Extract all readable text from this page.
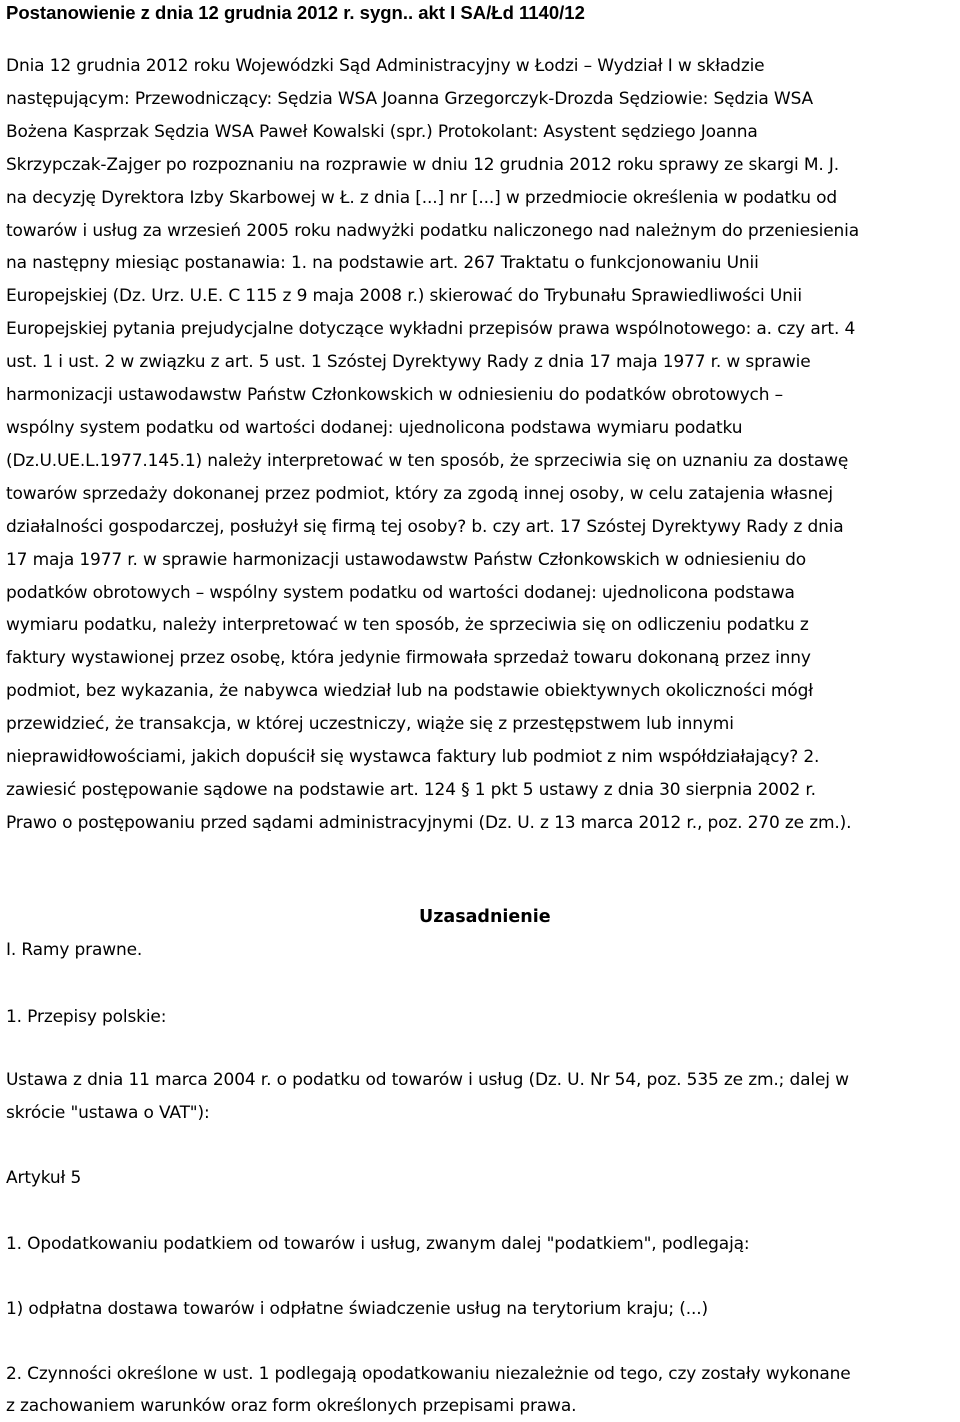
Postanowienie z dnia 12 grudnia 2012 r. sygn.. akt I SA/Łd 1140/12
Dnia 12 grudnia 2012 roku Wojewódzki Sąd Administracyjny w Łodzi – Wydział I w składzie
następującym: Przewodniczący: Sędzia WSA Joanna Grzegorczyk-Drozda Sędziowie: Sędzia WSA
Bożena Kasprzak Sędzia WSA Paweł Kowalski (spr.) Protokolant: Asystent sędziego Joanna
Skrzypczak-Zajger po rozpoznaniu na rozprawie w dniu 12 grudnia 2012 roku sprawy ze skargi M. J.
na decyzję Dyrektora Izby Skarbowej w Ł. z dnia [...] nr [...] w przedmiocie określenia w podatku od
towarów i usług za wrzesień 2005 roku nadwyżki podatku naliczonego nad należnym do przeniesienia
na następny miesiąc postanawia: 1. na podstawie art. 267 Traktatu o funkcjonowaniu Unii
Europejskiej (Dz. Urz. U.E. C 115 z 9 maja 2008 r.) skierować do Trybunału Sprawiedliwości Unii
Europejskiej pytania prejudycjalne dotyczące wykładni przepisów prawa wspólnotowego: a. czy art. 4
ust. 1 i ust. 2 w związku z art. 5 ust. 1 Szóstej Dyrektywy Rady z dnia 17 maja 1977 r. w sprawie
harmonizacji ustawodawstw Państw Członkowskich w odniesieniu do podatków obrotowych –
wspólny system podatku od wartości dodanej: ujednolicona podstawa wymiaru podatku
(Dz.U.UE.L.1977.145.1) należy interpretować w ten sposób, że sprzeciwia się on uznaniu za dostawę
towarów sprzedaży dokonanej przez podmiot, który za zgodą innej osoby, w celu zatajenia własnej
działalności gospodarczej, posłużył się firmą tej osoby? b. czy art. 17 Szóstej Dyrektywy Rady z dnia
17 maja 1977 r. w sprawie harmonizacji ustawodawstw Państw Członkowskich w odniesieniu do
podatków obrotowych – wspólny system podatku od wartości dodanej: ujednolicona podstawa
wymiaru podatku, należy interpretować w ten sposób, że sprzeciwia się on odliczeniu podatku z
faktury wystawionej przez osobę, która jedynie firmowała sprzedaż towaru dokonaną przez inny
podmiot, bez wykazania, że nabywca wiedział lub na podstawie obiektywnych okoliczności mógł
przewidzieć, że transakcja, w której uczestniczy, wiąże się z przestępstwem lub innymi
nieprawidłowościami, jakich dopuścił się wystawca faktury lub podmiot z nim współdziałający? 2.
zawiesić postępowanie sądowe na podstawie art. 124 § 1 pkt 5 ustawy z dnia 30 sierpnia 2002 r.
Prawo o postępowaniu przed sądami administracyjnymi (Dz. U. z 13 marca 2012 r., poz. 270 ze zm.).
Uzasadnienie
I. Ramy prawne.
1. Przepisy polskie:
Ustawa z dnia 11 marca 2004 r. o podatku od towarów i usług (Dz. U. Nr 54, poz. 535 ze zm.; dalej w
skrócie "ustawa o VAT"):
Artykuł 5
1. Opodatkowaniu podatkiem od towarów i usług, zwanym dalej "podatkiem", podlegają:
1) odpłatna dostawa towarów i odpłatne świadczenie usług na terytorium kraju; (...)
2. Czynności określone w ust. 1 podlegają opodatkowaniu niezależnie od tego, czy zostały wykonane
z zachowaniem warunków oraz form określonych przepisami prawa.
